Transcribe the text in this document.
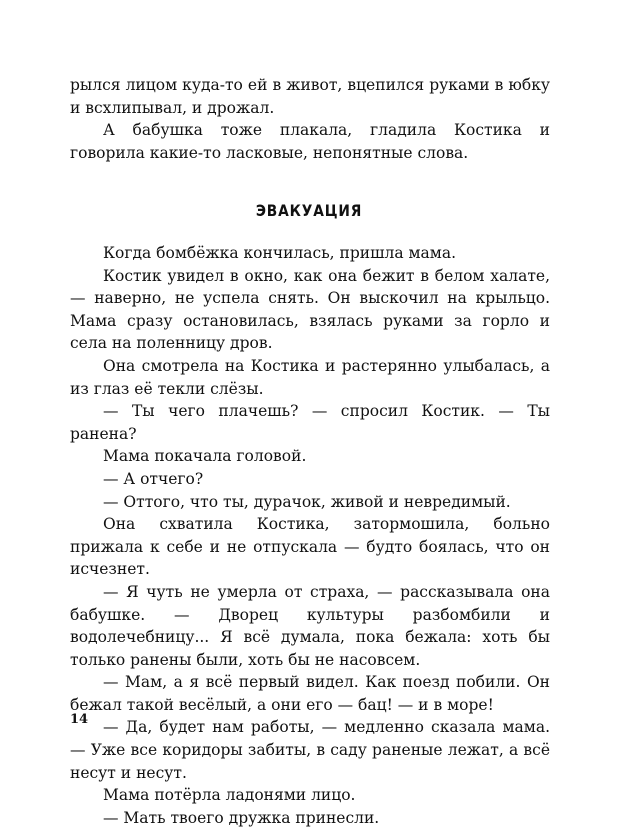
рылся лицом куда-то ей в живот, вцепился руками в юбку и всхлипывал, и дрожал.

А бабушка тоже плакала, гладила Костика и говорила какие-то ласковые, непонятные слова.

ЭВАКУАЦИЯ

Когда бомбёжка кончилась, пришла мама.

Костик увидел в окно, как она бежит в белом халате, — наверно, не успела снять. Он выскочил на крыльцо. Мама сразу остановилась, взялась руками за горло и села на поленницу дров.

Она смотрела на Костика и растерянно улыбалась, а из глаз её текли слёзы.

— Ты чего плачешь? — спросил Костик. — Ты ранена?

Мама покачала головой.

— А отчего?

— Оттого, что ты, дурачок, живой и невредимый.

Она схватила Костика, затормошила, больно прижала к себе и не отпускала — будто боялась, что он исчезнет.

— Я чуть не умерла от страха, — рассказывала она бабушке. — Дворец культуры разбомбили и водолечебницу... Я всё думала, пока бежала: хоть бы только ранены были, хоть бы не насовсем.

— Мам, а я всё первый видел. Как поезд побили. Он бежал такой весёлый, а они его — бац! — и в море!

— Да, будет нам работы, — медленно сказала мама. — Уже все коридоры забиты, в саду раненые лежат, а всё несут и несут.

Мама потёрла ладонями лицо.

— Мать твоего дружка принесли.

14
